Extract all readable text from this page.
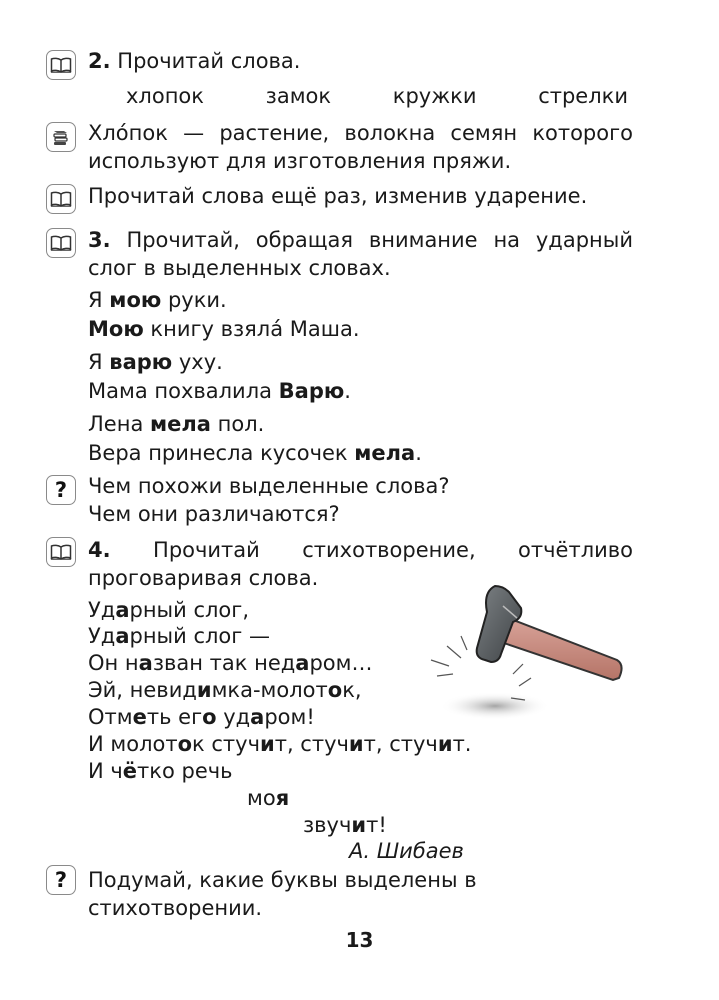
2. Прочитай слова.
хлопок	замок	кружки	стрелки
Хло́пок — растение, волокна семян которого используют для изготовления пряжи.
Прочитай слова ещё раз, изменив ударение.
3. Прочитай, обращая внимание на ударный слог в выделенных словах.
Я мою руки.
Мою книгу взяла́ Маша.
Я варю уху.
Мама похвалила Варю.
Лена мела пол.
Вера принесла кусочек мела.
? Чем похожи выделенные слова?
Чем они различаются?
4. Прочитай стихотворение, отчётливо проговаривая слова.
Ударный слог,
Ударный слог —
Он назван так недаром…
Эй, невидимка-молоток,
Отметь его ударом!
И молоток стучит, стучит, стучит.
И чётко речь
моя
звучит!
А. Шибаев
? Подумай, какие буквы выделены в стихотворении.
13
